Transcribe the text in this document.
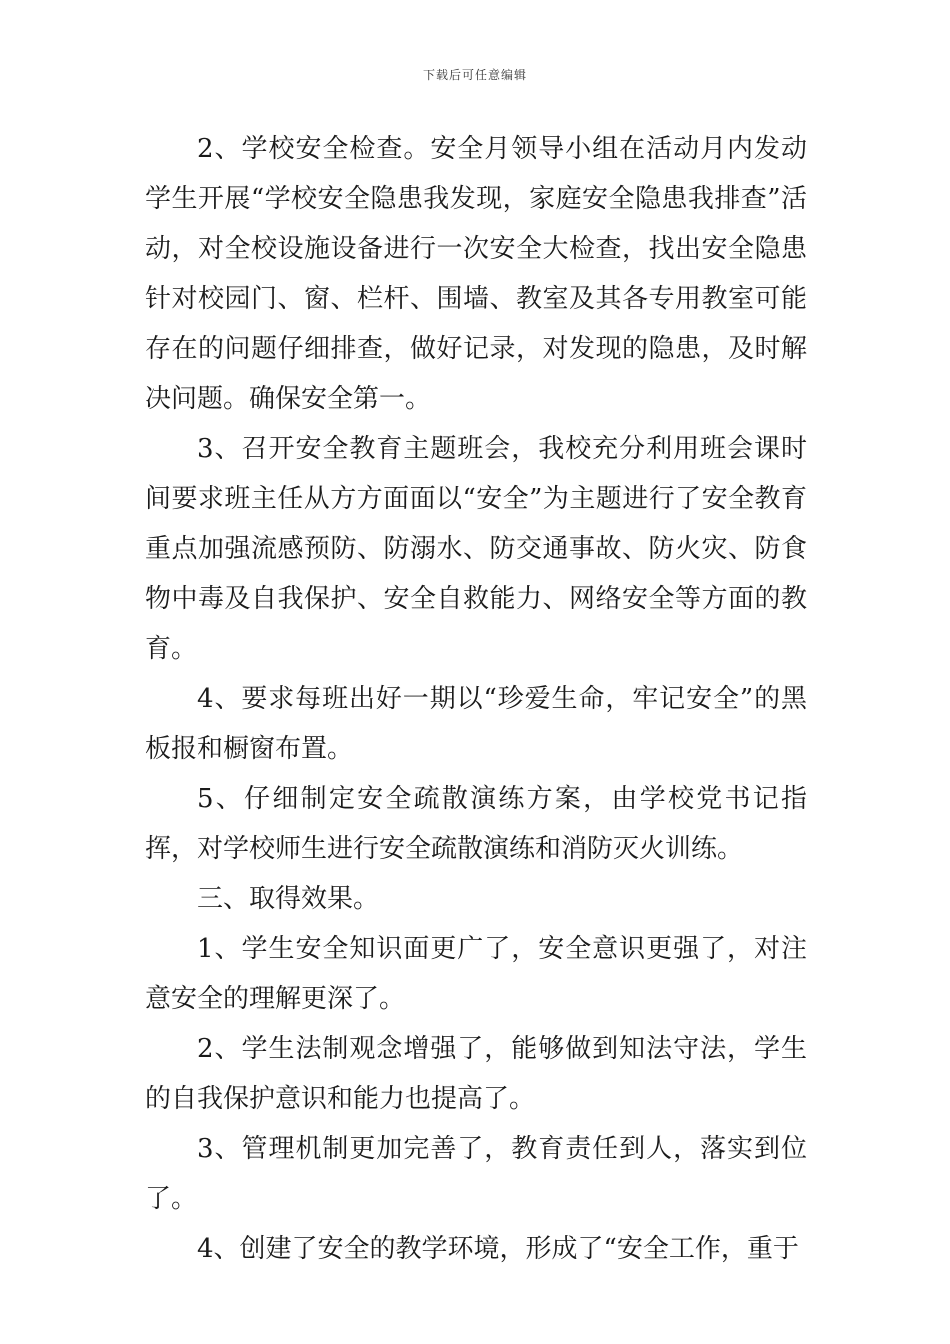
下载后可任意编辑

2、学校安全检查。安全月领导小组在活动月内发动学生开展“学校安全隐患我发现，家庭安全隐患我排查”活动，对全校设施设备进行一次安全大检查，找出安全隐患针对校园门、窗、栏杆、围墙、教室及其各专用教室可能存在的问题仔细排查，做好记录，对发现的隐患，及时解决问题。确保安全第一。

3、召开安全教育主题班会，我校充分利用班会课时间要求班主任从方方面面以“安全”为主题进行了安全教育重点加强流感预防、防溺水、防交通事故、防火灾、防食物中毒及自我保护、安全自救能力、网络安全等方面的教育。

4、要求每班出好一期以“珍爱生命，牢记安全”的黑板报和橱窗布置。

5、仔细制定安全疏散演练方案，由学校党书记指挥，对学校师生进行安全疏散演练和消防灭火训练。

三、取得效果。

1、学生安全知识面更广了，安全意识更强了，对注意安全的理解更深了。

2、学生法制观念增强了，能够做到知法守法，学生的自我保护意识和能力也提高了。

3、管理机制更加完善了，教育责任到人，落实到位了。

4、创建了安全的教学环境，形成了“安全工作，重于
